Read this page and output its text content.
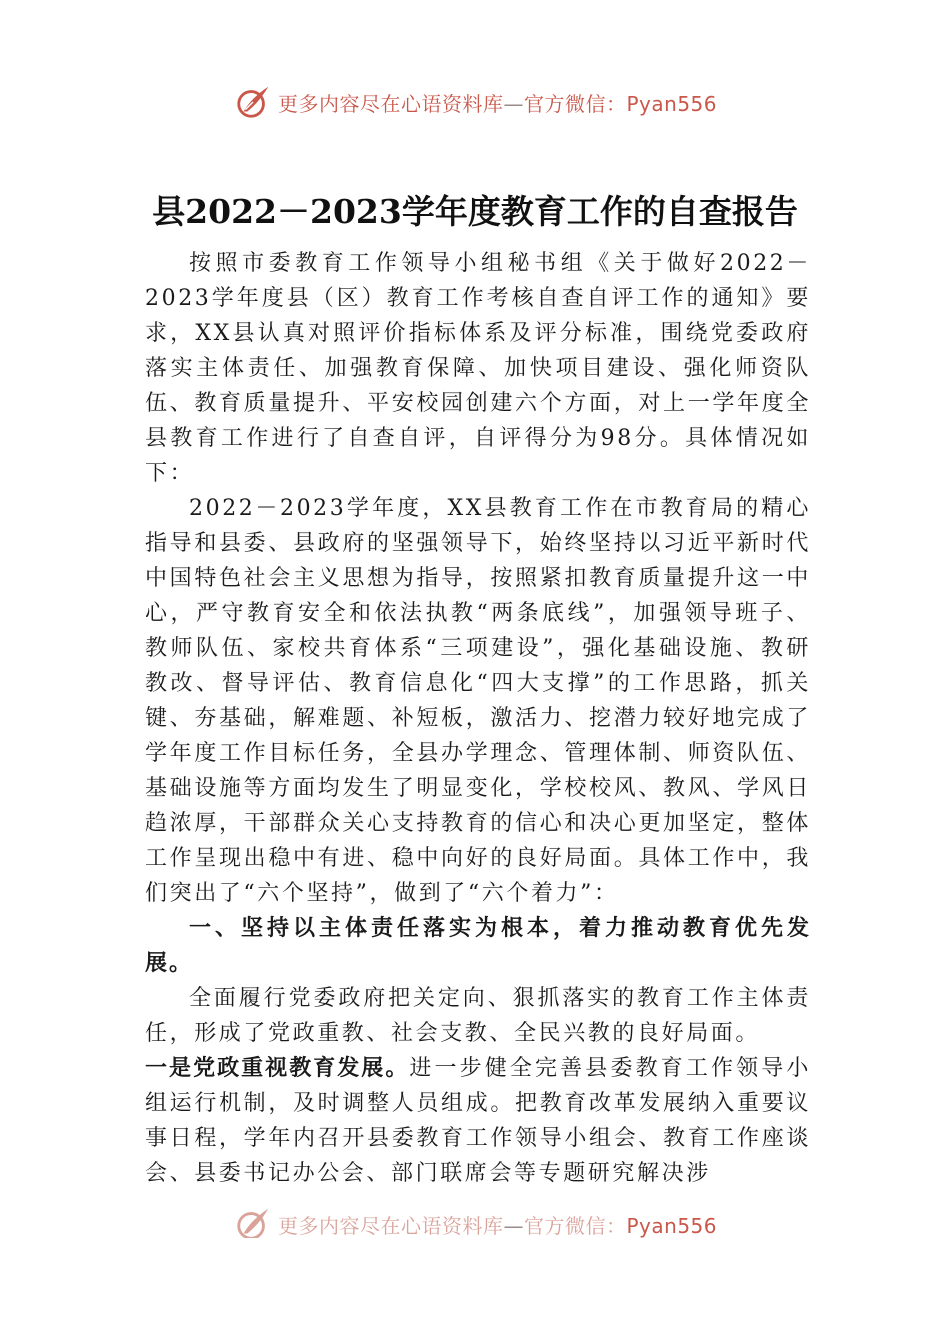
更多内容尽在心语资料库—官方微信：Pyan556
县2022－2023学年度教育工作的自查报告

按照市委教育工作领导小组秘书组《关于做好2022－2023学年度县（区）教育工作考核自查自评工作的通知》要求，XX县认真对照评价指标体系及评分标准，围绕党委政府落实主体责任、加强教育保障、加快项目建设、强化师资队伍、教育质量提升、平安校园创建六个方面，对上一学年度全县教育工作进行了自查自评，自评得分为98分。具体情况如下：

2022－2023学年度，XX县教育工作在市教育局的精心指导和县委、县政府的坚强领导下，始终坚持以习近平新时代中国特色社会主义思想为指导，按照紧扣教育质量提升这一中心，严守教育安全和依法执教“两条底线”，加强领导班子、教师队伍、家校共育体系“三项建设”，强化基础设施、教研教改、督导评估、教育信息化“四大支撑”的工作思路，抓关键、夯基础，解难题、补短板，激活力、挖潜力较好地完成了学年度工作目标任务，全县办学理念、管理体制、师资队伍、基础设施等方面均发生了明显变化，学校校风、教风、学风日趋浓厚，干部群众关心支持教育的信心和决心更加坚定，整体工作呈现出稳中有进、稳中向好的良好局面。具体工作中，我们突出了“六个坚持”，做到了“六个着力”：

一、坚持以主体责任落实为根本，着力推动教育优先发展。

全面履行党委政府把关定向、狠抓落实的教育工作主体责任，形成了党政重教、社会支教、全民兴教的良好局面。

一是党政重视教育发展。进一步健全完善县委教育工作领导小组运行机制，及时调整人员组成。把教育改革发展纳入重要议事日程，学年内召开县委教育工作领导小组会、教育工作座谈会、县委书记办公会、部门联席会等专题研究解决涉

更多内容尽在心语资料库—官方微信：Pyan556
